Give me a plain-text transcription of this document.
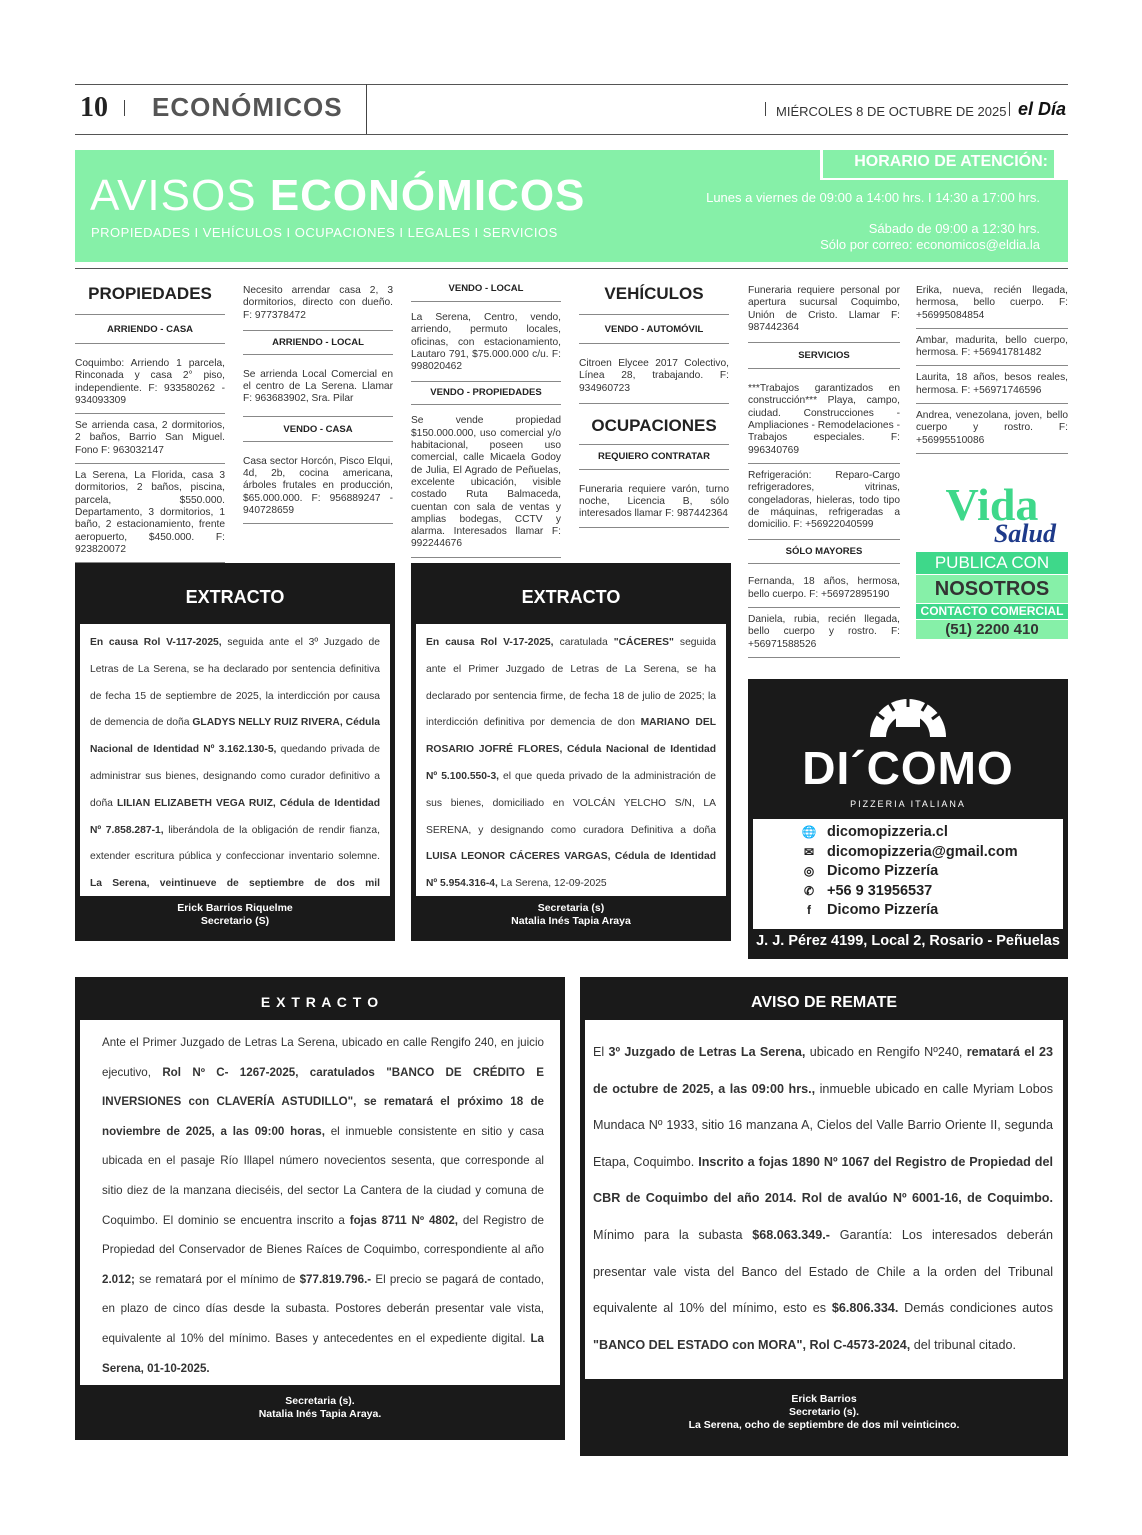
10 ECONÓMICOS	MIÉRCOLES 8 DE OCTUBRE DE 2025 el Día
AVISOS ECONÓMICOS
PROPIEDADES I VEHÍCULOS I OCUPACIONES I LEGALES I SERVICIOS
HORARIO DE ATENCIÓN:
Lunes a viernes de 09:00 a 14:00 hrs. I 14:30 a 17:00 hrs.
Sábado de 09:00 a 12:30 hrs.
Sólo por correo: economicos@eldia.la
PROPIEDADES
ARRIENDO - CASA
Coquimbo: Arriendo 1 parcela, Rinconada y casa 2° piso, independiente. F: 933580262 - 934093309
Se arrienda casa, 2 dormitorios, 2 baños, Barrio San Miguel. Fono F: 963032147
La Serena, La Florida, casa 3 dormitorios, 2 baños, piscina, parcela, $550.000. Departamento, 3 dormitorios, 1 baño, 2 estacionamiento, frente aeropuerto, $450.000. F: 923820072
Necesito arrendar casa 2, 3 dormitorios, directo con dueño. F: 977378472
ARRIENDO - LOCAL
Se arrienda Local Comercial en el centro de La Serena. Llamar F: 963683902, Sra. Pilar
VENDO - CASA
Casa sector Horcón, Pisco Elqui, 4d, 2b, cocina americana, árboles frutales en producción, $65.000.000. F: 956889247 - 940728659
VENDO - LOCAL
La Serena, Centro, vendo, arriendo, permuto locales, oficinas, con estacionamiento, Lautaro 791, $75.000.000 c/u. F: 998020462
VENDO - PROPIEDADES
Se vende propiedad $150.000.000, uso comercial y/o habitacional, poseen uso comercial, calle Micaela Godoy de Julia, El Agrado de Peñuelas, excelente ubicación, visible costado Ruta Balmaceda, cuentan con sala de ventas y amplias bodegas, CCTV y alarma. Interesados llamar F: 992244676
VEHÍCULOS
VENDO - AUTOMÓVIL
Citroen Elycee 2017 Colectivo, Línea 28, trabajando. F: 934960723
OCUPACIONES
REQUIERO CONTRATAR
Funeraria requiere varón, turno noche, Licencia B, sólo interesados llamar F: 987442364
Funeraria requiere personal por apertura sucursal Coquimbo, Unión de Cristo. Llamar F: 987442364
SERVICIOS
***Trabajos garantizados en construcción*** Playa, campo, ciudad. Construcciones - Ampliaciones - Remodelaciones - Trabajos especiales. F: 996340769
Refrigeración: Reparo-Cargo refrigeradores, vitrinas, congeladoras, hieleras, todo tipo de máquinas, refrigeradas a domicilio. F: +56922040599
SÓLO MAYORES
Fernanda, 18 años, hermosa, bello cuerpo. F: +56972895190
Daniela, rubia, recién llegada, bello cuerpo y rostro. F: +56971588526
Erika, nueva, recién llegada, hermosa, bello cuerpo. F: +56995084854
Ambar, madurita, bello cuerpo, hermosa. F: +56941781482
Laurita, 18 años, besos reales, hermosa. F: +56971746596
Andrea, venezolana, joven, bello cuerpo y rostro. F: +56995510086
Vida
Salud
PUBLICA CON
NOSOTROS
CONTACTO COMERCIAL
(51) 2200 410
EXTRACTO
En causa Rol V-117-2025, seguida ante el 3º Juzgado de Letras de La Serena, se ha declarado por sentencia definitiva de fecha 15 de septiembre de 2025, la interdicción por causa de demencia de doña GLADYS NELLY RUIZ RIVERA, Cédula Nacional de Identidad Nº 3.162.130-5, quedando privada de administrar sus bienes, designando como curador definitivo a doña LILIAN ELIZABETH VEGA RUIZ, Cédula de Identidad Nº 7.858.287-1, liberándola de la obligación de rendir fianza, extender escritura pública y confeccionar inventario solemne. La Serena, veintinueve de septiembre de dos mil
Erick Barrios Riquelme
Secretario (S)
EXTRACTO
En causa Rol V-17-2025, caratulada "CÁCERES" seguida ante el Primer Juzgado de Letras de La Serena, se ha declarado por sentencia firme, de fecha 18 de julio de 2025; la interdicción definitiva por demencia de don MARIANO DEL ROSARIO JOFRÉ FLORES, Cédula Nacional de Identidad Nº 5.100.550-3, el que queda privado de la administración de sus bienes, domiciliado en VOLCÁN YELCHO S/N, LA SERENA, y designando como curadora Definitiva a doña LUISA LEONOR CÁCERES VARGAS, Cédula de Identidad Nº 5.954.316-4, La Serena, 12-09-2025
Secretaria (s)
Natalia Inés Tapia Araya
DI´COMO
PIZZERIA ITALIANA
🌐 dicomopizzeria.cl
✉ dicomopizzeria@gmail.com
◎ Dicomo Pizzería
✆ +56 9 31956537
f Dicomo Pizzería
J. J. Pérez 4199, Local 2, Rosario - Peñuelas
E X T R A C T O
Ante el Primer Juzgado de Letras La Serena, ubicado en calle Rengifo 240, en juicio ejecutivo, Rol Nº C- 1267-2025, caratulados "BANCO DE CRÉDITO E INVERSIONES con CLAVERÍA ASTUDILLO", se rematará el próximo 18 de noviembre de 2025, a las 09:00 horas, el inmueble consistente en sitio y casa ubicada en el pasaje Río Illapel número novecientos sesenta, que corresponde al sitio diez de la manzana dieciséis, del sector La Cantera de la ciudad y comuna de Coquimbo. El dominio se encuentra inscrito a fojas 8711 Nº 4802, del Registro de Propiedad del Conservador de Bienes Raíces de Coquimbo, correspondiente al año 2.012; se rematará por el mínimo de $77.819.796.- El precio se pagará de contado, en plazo de cinco días desde la subasta. Postores deberán presentar vale vista, equivalente al 10% del mínimo. Bases y antecedentes en el expediente digital. La Serena, 01-10-2025.
Secretaria (s).
Natalia Inés Tapia Araya.
AVISO DE REMATE
El 3º Juzgado de Letras La Serena, ubicado en Rengifo Nº240, rematará el 23 de octubre de 2025, a las 09:00 hrs., inmueble ubicado en calle Myriam Lobos Mundaca Nº 1933, sitio 16 manzana A, Cielos del Valle Barrio Oriente II, segunda Etapa, Coquimbo. Inscrito a fojas 1890 Nº 1067 del Registro de Propiedad del CBR de Coquimbo del año 2014. Rol de avalúo Nº 6001-16, de Coquimbo. Mínimo para la subasta $68.063.349.- Garantía: Los interesados deberán presentar vale vista del Banco del Estado de Chile a la orden del Tribunal equivalente al 10% del mínimo, esto es $6.806.334. Demás condiciones autos "BANCO DEL ESTADO con MORA", Rol C-4573-2024, del tribunal citado.
Erick Barrios
Secretario (s).
La Serena, ocho de septiembre de dos mil veinticinco.
